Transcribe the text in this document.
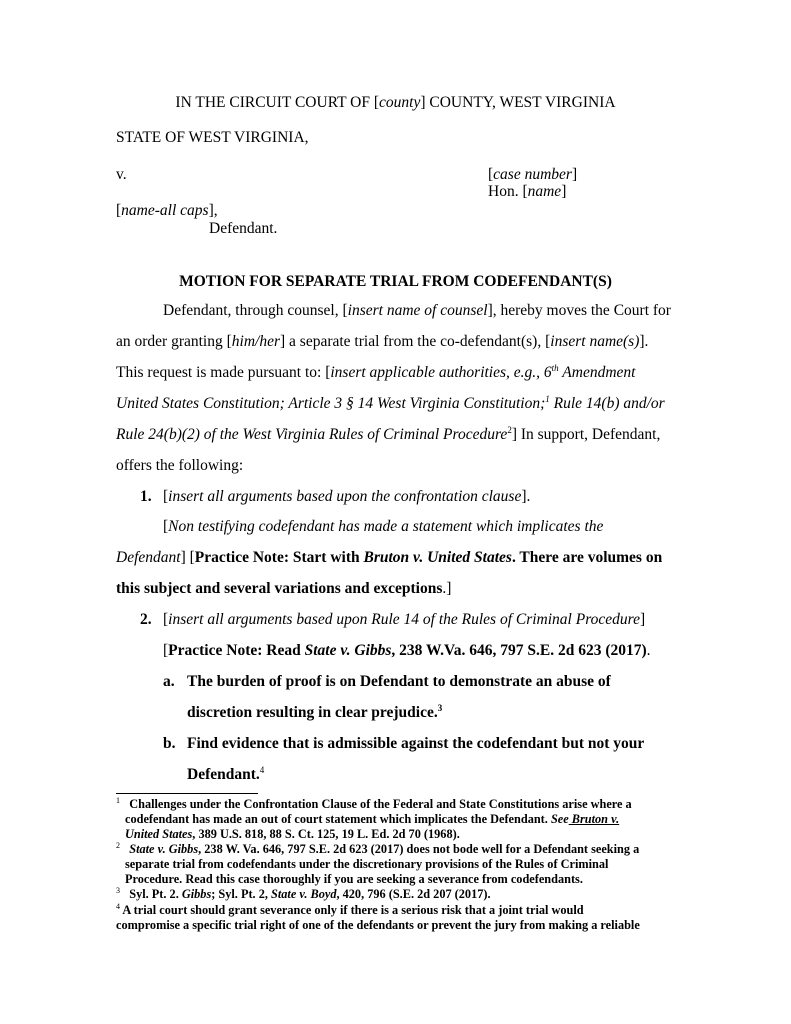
IN THE CIRCUIT COURT OF [county] COUNTY, WEST VIRGINIA
STATE OF WEST VIRGINIA,
v.	[case number]
Hon. [name]
[name-all caps],
Defendant.
MOTION FOR SEPARATE TRIAL FROM CODEFENDANT(S)
Defendant, through counsel, [insert name of counsel], hereby moves the Court for
an order granting [him/her] a separate trial from the co-defendant(s), [insert name(s)].
This request is made pursuant to: [insert applicable authorities, e.g., 6th Amendment
United States Constitution; Article 3 § 14 West Virginia Constitution;$^1$ Rule 14(b) and/or
Rule 24(b)(2) of the West Virginia Rules of Criminal Procedure$^2$] In support, Defendant,
offers the following:
1. [insert all arguments based upon the confrontation clause].
[Non testifying codefendant has made a statement which implicates the
Defendant] [Practice Note: Start with Bruton v. United States. There are volumes on
this subject and several variations and exceptions.]
2. [insert all arguments based upon Rule 14 of the Rules of Criminal Procedure]
[Practice Note: Read State v. Gibbs, 238 W.Va. 646, 797 S.E. 2d 623 (2017).
a. The burden of proof is on Defendant to demonstrate an abuse of
discretion resulting in clear prejudice.$^3$
b. Find evidence that is admissible against the codefendant but not your
Defendant.$^4$
$^1$ Challenges under the Confrontation Clause of the Federal and State Constitutions arise where a
codefendant has made an out of court statement which implicates the Defendant. See Bruton v.
United States, 389 U.S. 818, 88 S. Ct. 125, 19 L. Ed. 2d 70 (1968).
$^2$ State v. Gibbs, 238 W. Va. 646, 797 S.E. 2d 623 (2017) does not bode well for a Defendant seeking a
separate trial from codefendants under the discretionary provisions of the Rules of Criminal
Procedure. Read this case thoroughly if you are seeking a severance from codefendants.
$^3$ Syl. Pt. 2. Gibbs; Syl. Pt. 2, State v. Boyd, 420, 796 (S.E. 2d 207 (2017).
$^4$ A trial court should grant severance only if there is a serious risk that a joint trial would
compromise a specific trial right of one of the defendants or prevent the jury from making a reliable
